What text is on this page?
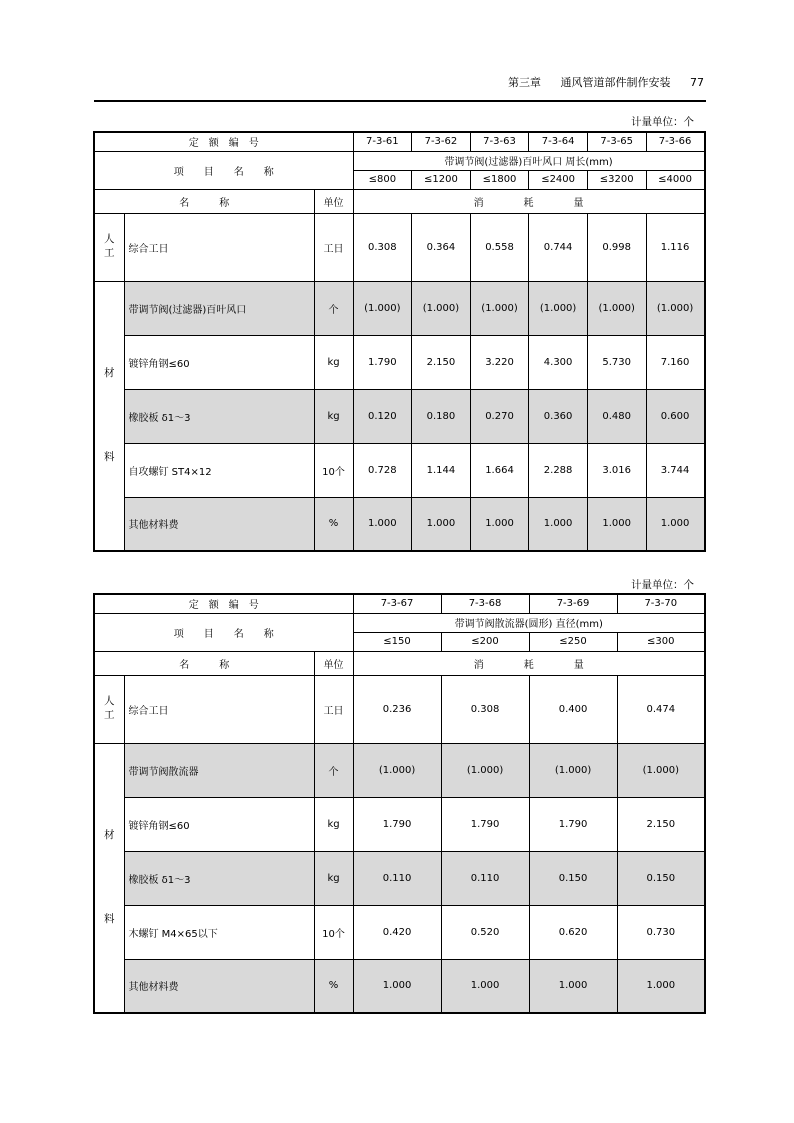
第三章 通风管道部件制作安装 77
计量单位：个
定　额　编　号			7-3-61	7-3-62	7-3-63	7-3-64	7-3-65	7-3-66
项　　目　　名　　称			带调节阀(过滤器)百叶风口 周长(mm)					
			≤800	≤1200	≤1800	≤2400	≤3200	≤4000
名　　　称		单位	消　　　　耗　　　　量					

人
工	综合工日	工日	0.308	0.364	0.558	0.744	0.998	1.116

材
料	带调节阀(过滤器)百叶风口	个	(1.000)	(1.000)	(1.000)	(1.000)	(1.000)	(1.000)
	镀锌角钢≤60	kg	1.790	2.150	3.220	4.300	5.730	7.160
	橡胶板 δ1～3	kg	0.120	0.180	0.270	0.360	0.480	0.600
	自攻螺钉 ST4×12	10个	0.728	1.144	1.664	2.288	3.016	3.744
	其他材料费	%	1.000	1.000	1.000	1.000	1.000	1.000
计量单位：个
定　额　编　号			7-3-67	7-3-68	7-3-69	7-3-70
项　　目　　名　　称			带调节阀散流器(圆形) 直径(mm)			
			≤150	≤200	≤250	≤300
名　　　称		单位	消　　　　耗　　　　量			

人
工	综合工日	工日	0.236	0.308	0.400	0.474

材
料	带调节阀散流器	个	(1.000)	(1.000)	(1.000)	(1.000)
	镀锌角钢≤60	kg	1.790	1.790	1.790	2.150
	橡胶板 δ1～3	kg	0.110	0.110	0.150	0.150
	木螺钉 M4×65以下	10个	0.420	0.520	0.620	0.730
	其他材料费	%	1.000	1.000	1.000	1.000
